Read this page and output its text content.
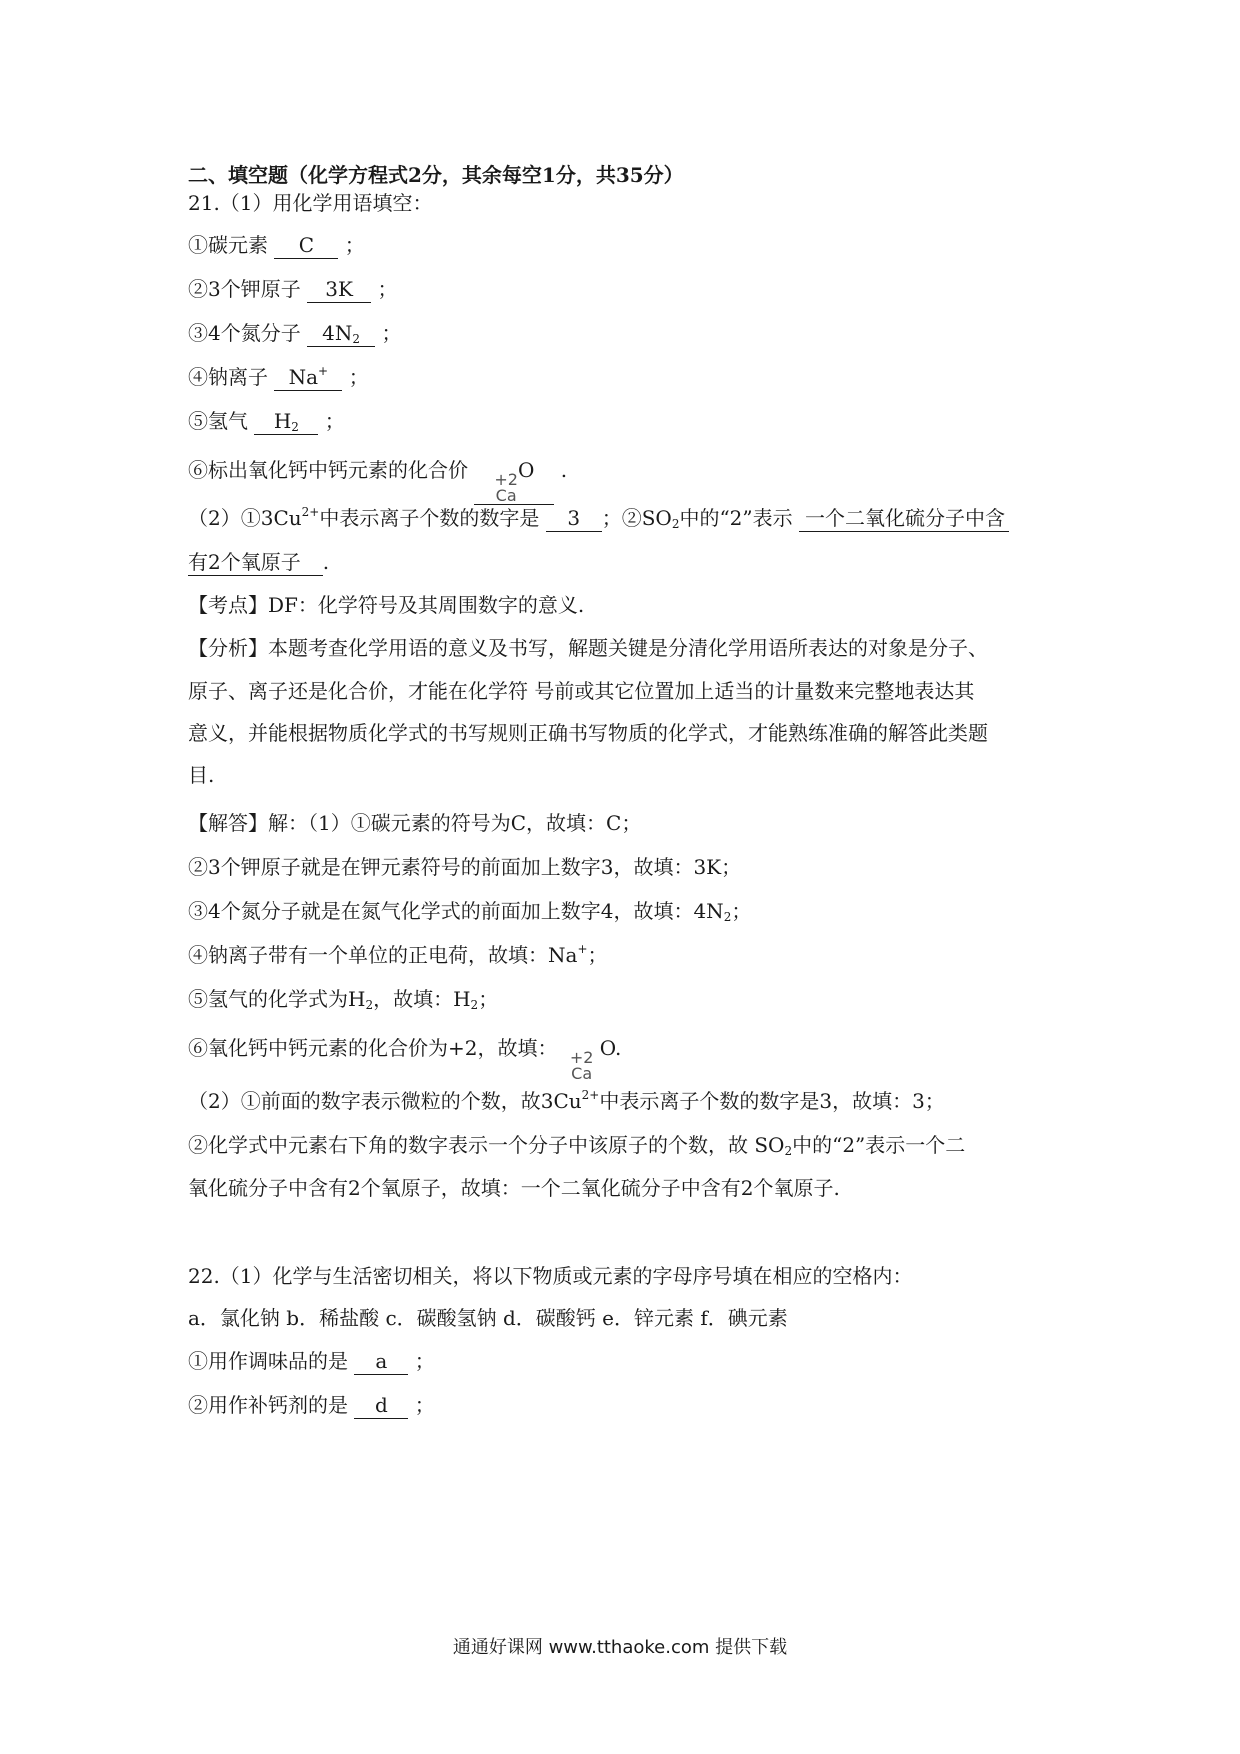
二、填空题（化学方程式2分，其余每空1分，共35分）
21.（1）用化学用语填空：
①碳元素 C ；
②3个钾原子 3K ；
③4个氮分子 $4N_2$ ；
④钠离子 Na+ ；
⑤氢气 $H_2$ ；
⑥标出氧化钙中钙元素的化合价 +2
Ca
O .
$(2)①3Cu^{2+}$中表示离子个数的数字是 3 ；$②SO_2$中的“2”表示 一个二氧化硫分子中含
有2个氧原子 .
【考点】DF：化学符号及其周围数字的意义.
【分析】本题考查化学用语的意义及书写，解题关键是分清化学用语所表达的对象是分子、
原子、离子还是化合价，才能在化学符 号前或其它位置加上适当的计量数来完整地表达其
意义，并能根据物质化学式的书写规则正确书写物质的化学式，才能熟练准确的解答此类题
目.
【解答】解：（1）①碳元素的符号为C，故填：C；
②3个钾原子就是在钾元素符号的前面加上数字3，故填：3K；
③4个氮分子就是在氮气化学式的前面加上数字4，故填：$4N_2$；
④钠离子带有一个单位的正电荷，故填：Na+；
⑤氢气的化学式为$H_2$，故填：$H_2$；
⑥氧化钙中钙元素的化合价为+2，故填： +2
Ca
O.
（2）①前面的数字表示微粒的个数，故$3Cu^{2+}$中表示离子个数的数字是3，故填：3；
②化学式中元素右下角的数字表示一个分子中该原子的个数，故 $SO_2$中的“2”表示一个二
氧化硫分子中含有2个氧原子，故填：一个二氧化硫分子中含有2个氧原子.
22.（1）化学与生活密切相关，将以下物质或元素的字母序号填在相应的空格内：
a．氯化钠 b．稀盐酸 c．碳酸氢钠 d．碳酸钙 e．锌元素 f．碘元素
①用作调味品的是 a ；
②用作补钙剂的是 d ；
通通好课网 www.tthaoke.com 提供下载
